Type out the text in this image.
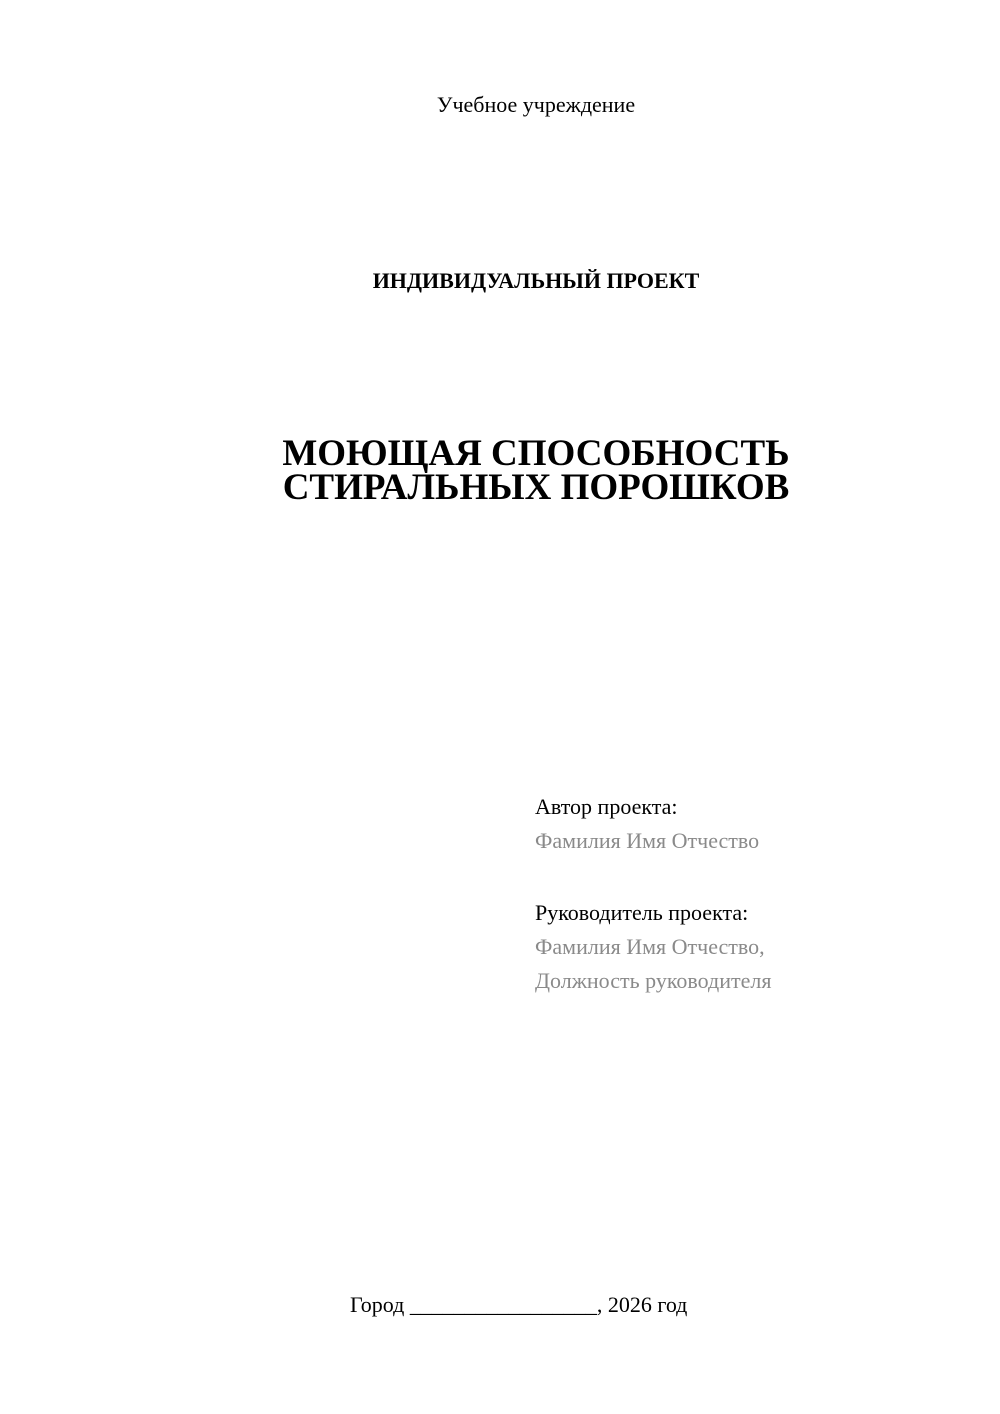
Учебное учреждение
ИНДИВИДУАЛЬНЫЙ ПРОЕКТ
МОЮЩАЯ СПОСОБНОСТЬ
СТИРАЛЬНЫХ ПОРОШКОВ
Автор проекта:
Фамилия Имя Отчество
Руководитель проекта:
Фамилия Имя Отчество,
Должность руководителя
Город _________________, 2026 год
